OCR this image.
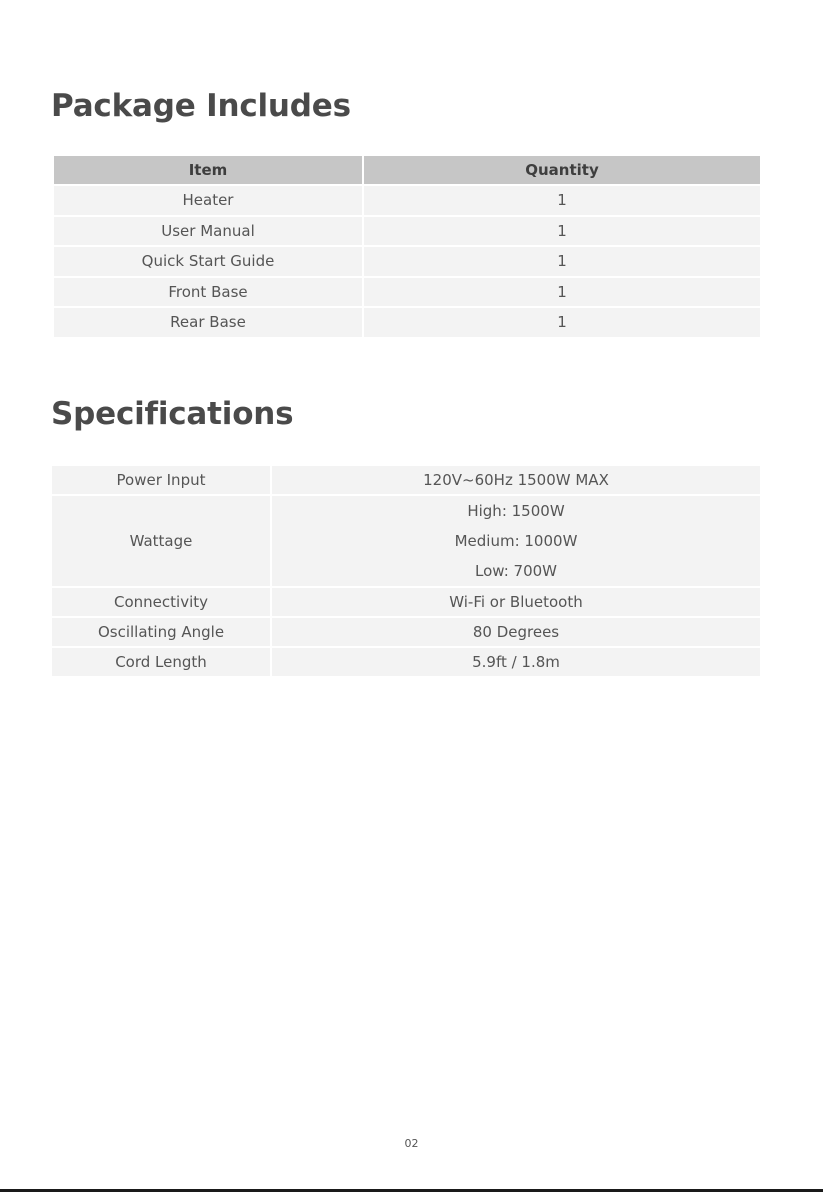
Package Includes
Item	Quantity
Heater	1
User Manual	1
Quick Start Guide	1
Front Base	1
Rear Base	1
Specifications
Power Input	120V~60Hz 1500W MAX
Wattage	High: 1500W
Medium: 1000W
Low: 700W

Connectivity	Wi-Fi or Bluetooth
Oscillating Angle	80 Degrees
Cord Length	5.9ft / 1.8m
02
